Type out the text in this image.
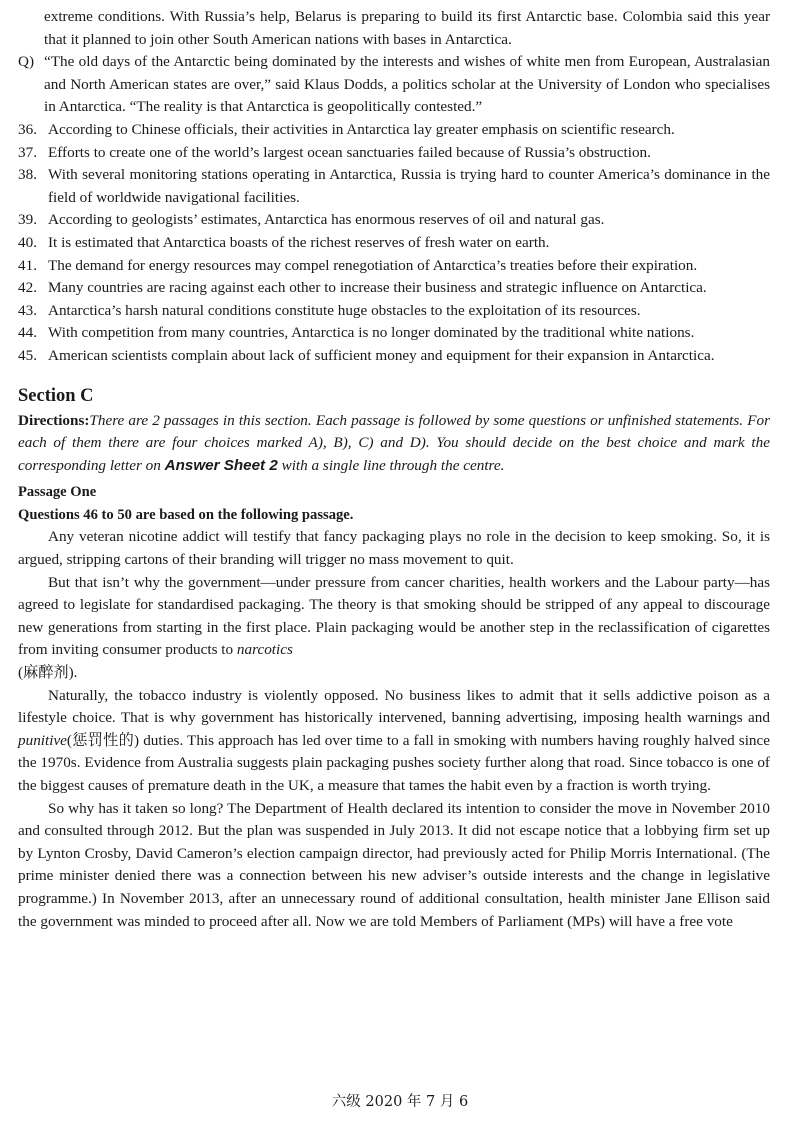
extreme conditions. With Russia’s help, Belarus is preparing to build its first Antarctic base. Colombia said this year that it planned to join other South American nations with bases in Antarctica.
Q) “The old days of the Antarctic being dominated by the interests and wishes of white men from European, Australasian and North American states are over,” said Klaus Dodds, a politics scholar at the University of London who specialises in Antarctica. “The reality is that Antarctica is geopolitically contested.”
36. According to Chinese officials, their activities in Antarctica lay greater emphasis on scientific research.
37. Efforts to create one of the world’s largest ocean sanctuaries failed because of Russia’s obstruction.
38. With several monitoring stations operating in Antarctica, Russia is trying hard to counter America’s dominance in the field of worldwide navigational facilities.
39. According to geologists’ estimates, Antarctica has enormous reserves of oil and natural gas.
40. It is estimated that Antarctica boasts of the richest reserves of fresh water on earth.
41. The demand for energy resources may compel renegotiation of Antarctica’s treaties before their expiration.
42. Many countries are racing against each other to increase their business and strategic influence on Antarctica.
43. Antarctica’s harsh natural conditions constitute huge obstacles to the exploitation of its resources.
44. With competition from many countries, Antarctica is no longer dominated by the traditional white nations.
45. American scientists complain about lack of sufficient money and equipment for their expansion in Antarctica.
Section C
Directions:There are 2 passages in this section. Each passage is followed by some questions or unfinished statements. For each of them there are four choices marked A), B), C) and D). You should decide on the best choice and mark the corresponding letter on Answer Sheet 2 with a single line through the centre.
Passage One
Questions 46 to 50 are based on the following passage.
Any veteran nicotine addict will testify that fancy packaging plays no role in the decision to keep smoking. So, it is argued, stripping cartons of their branding will trigger no mass movement to quit.
But that isn’t why the government—under pressure from cancer charities, health workers and the Labour party—has agreed to legislate for standardised packaging. The theory is that smoking should be stripped of any appeal to discourage new generations from starting in the first place. Plain packaging would be another step in the reclassification of cigarettes from inviting consumer products to narcotics
(麻醉剂).
Naturally, the tobacco industry is violently opposed. No business likes to admit that it sells addictive poison as a lifestyle choice. That is why government has historically intervened, banning advertising, imposing health warnings and punitive(惩罚性的) duties. This approach has led over time to a fall in smoking with numbers having roughly halved since the 1970s. Evidence from Australia suggests plain packaging pushes society further along that road. Since tobacco is one of the biggest causes of premature death in the UK, a measure that tames the habit even by a fraction is worth trying.
So why has it taken so long? The Department of Health declared its intention to consider the move in November 2010 and consulted through 2012. But the plan was suspended in July 2013. It did not escape notice that a lobbying firm set up by Lynton Crosby, David Cameron’s election campaign director, had previously acted for Philip Morris International. (The prime minister denied there was a connection between his new adviser’s outside interests and the change in legislative programme.) In November 2013, after an unnecessary round of additional consultation, health minister Jane Ellison said the government was minded to proceed after all. Now we are told Members of Parliament (MPs) will have a free vote
六级 2020 年 7 月 6
